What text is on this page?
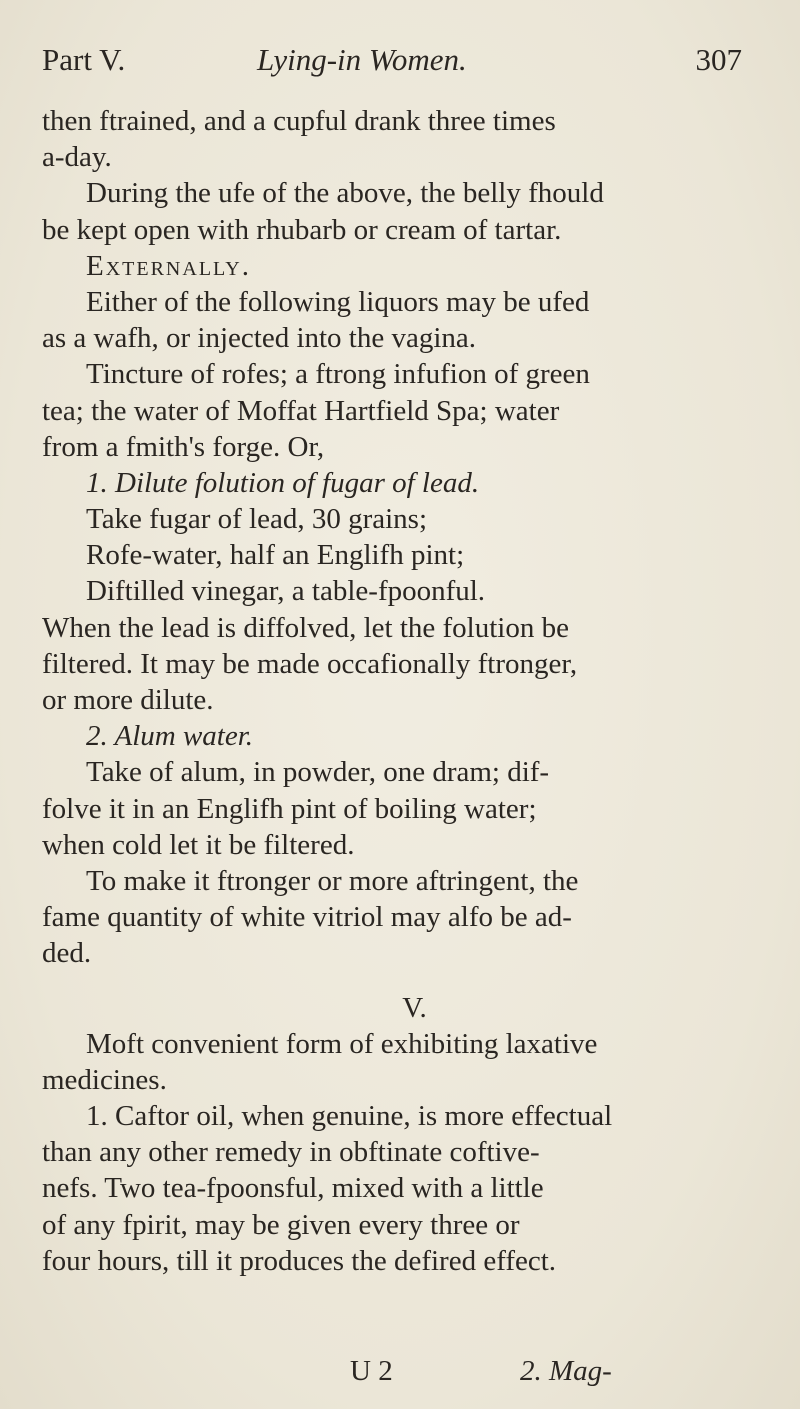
Part V.	Lying-in Women.	307
then ftrained, and a cupful drank three times
a-day.
During the ufe of the above, the belly fhould
be kept open with rhubarb or cream of tartar.
Externally.
Either of the following liquors may be ufed
as a wafh, or injected into the vagina.
Tincture of rofes; a ftrong infufion of green
tea; the water of Moffat Hartfield Spa; water
from a fmith's forge. Or,
1. Dilute folution of fugar of lead.
Take fugar of lead, 30 grains;
Rofe-water, half an Englifh pint;
Diftilled vinegar, a table-fpoonful.
When the lead is diffolved, let the folution be
filtered. It may be made occafionally ftronger,
or more dilute.
2. Alum water.
Take of alum, in powder, one dram; dif-
folve it in an Englifh pint of boiling water;
when cold let it be filtered.
To make it ftronger or more aftringent, the
fame quantity of white vitriol may alfo be ad-
ded.
V.
Moft convenient form of exhibiting laxative
medicines.
1. Caftor oil, when genuine, is more effectual
than any other remedy in obftinate coftive-
nefs. Two tea-fpoonsful, mixed with a little
of any fpirit, may be given every three or
four hours, till it produces the defired effect.
U 2	2. Mag-
